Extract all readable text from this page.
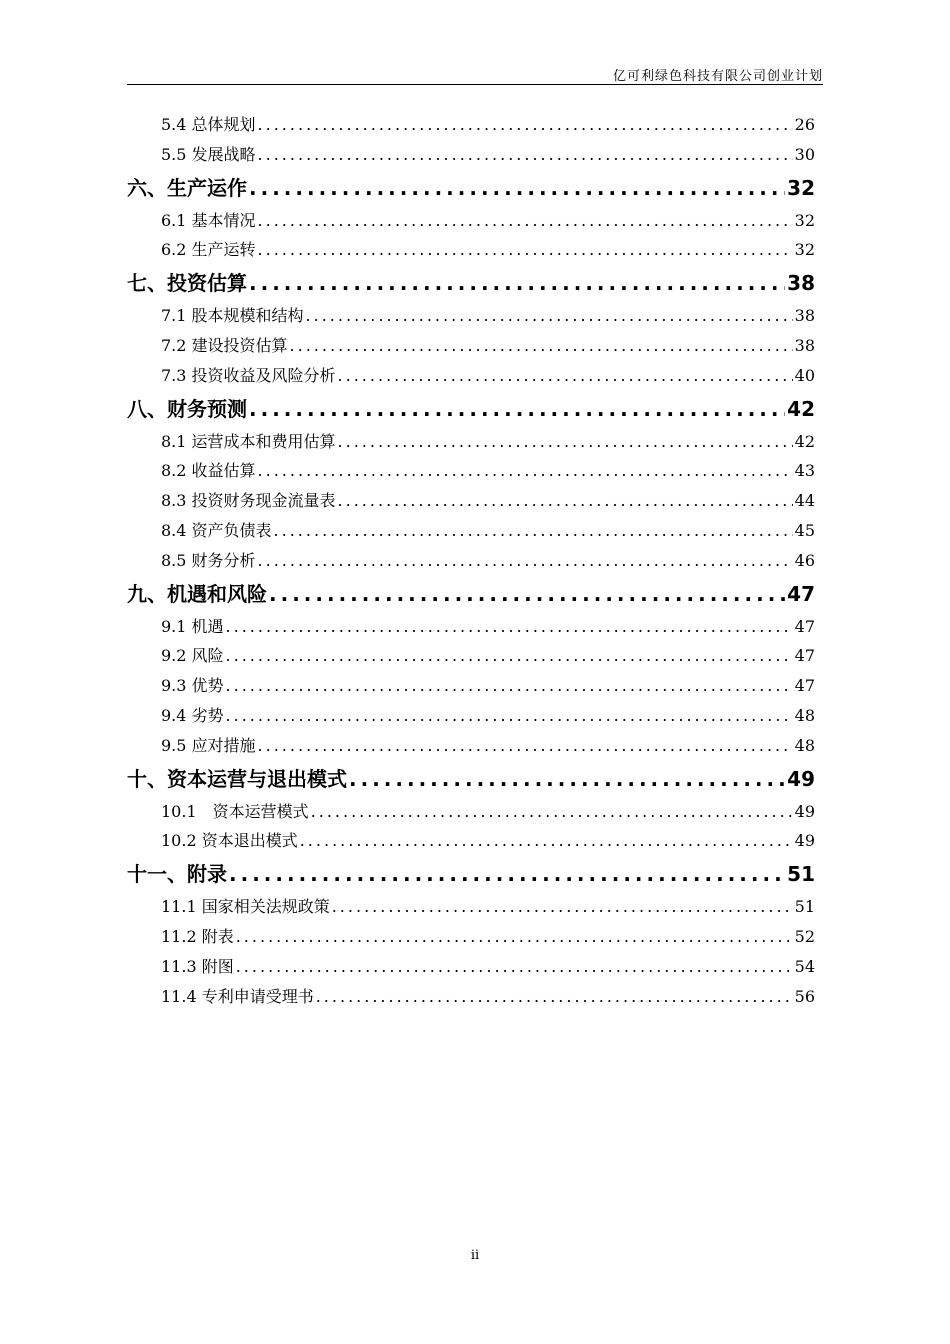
亿可利绿色科技有限公司创业计划
5.4 总体规划 .....	26
5.5 发展战略 .....	30
六、生产运作 .....	32
6.1 基本情况 .....	32
6.2 生产运转 .....	32
七、投资估算 .....	38
7.1 股本规模和结构 .....	38
7.2 建设投资估算 .....	38
7.3 投资收益及风险分析 .....	40
八、财务预测 .....	42
8.1 运营成本和费用估算 .....	42
8.2 收益估算 .....	43
8.3 投资财务现金流量表 .....	44
8.4 资产负债表 .....	45
8.5 财务分析 .....	46
九、机遇和风险 .....	47
9.1 机遇 .....	47
9.2 风险 .....	47
9.3 优势 .....	47
9.4 劣势 .....	48
9.5 应对措施 .....	48
十、资本运营与退出模式 .....	49
10.1　资本运营模式 .....	49
10.2 资本退出模式 .....	49
十一、附录 .....	51
11.1 国家相关法规政策 .....	51
11.2 附表 .....	52
11.3 附图 .....	54
11.4 专利申请受理书 .....	56
ii
